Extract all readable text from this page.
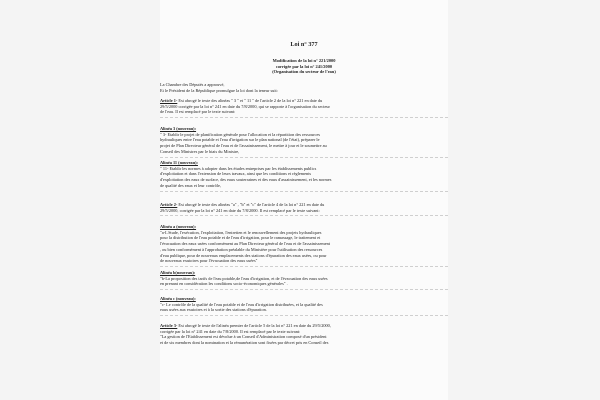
Loi n° 377
Modification de la loi n° 221/2000
corrigée par la loi n° 241/2000
(Organisation du secteur de l'eau)

La Chambre des Députés a approuvé,

Et le Président de la République promulgue la loi dont la teneur suit:

Article 1- Est abrogé le texte des alinéas " 3 " et " 11 " de l'article 2 de la loi n° 221 en date du
29/5/2000 corrigée par la loi n° 241 en date du 7/8/2000, qui se rapporte à l'organisation du secteur
de l'eau. Il est remplacé par le texte suivant:
Alinéa 3 (nouveau):
" 3- Etablir le projet de planification générale pour l'allocation et la répartition des ressources
hydrauliques entre l'eau potable et l'eau d'irrigation sur le plan national (de l'état), préparer le
projet de Plan Directeur général de l'eau et de l'assainissement, le mettre à jour et le soumettre au
Conseil des Ministres par le biais du Ministre,
Alinéa 11 (nouveau):
" 11- Etablir les normes à adopter dans les études entreprises par les établissements publics
d'exploitation et dans l'extension de leurs travaux, ainsi que les conditions et règlements
d'exploitation des eaux de surface, des eaux souterraines et des eaux d'assainissement, et les normes
de qualité des eaux et leur contrôle,
Article 2- Est abrogé le texte des alinéas "a" , "b" et "c" de l'article 4 de la loi n° 221 en date du
29/5/2000, corrigée par la loi n° 241 en date du 7/8/2000. Il est remplacé par le texte suivant:
Alinéa a (nouveau):
"a-L'étude, l'exécution, l'exploitation, l'entretien et le renouvellement des projets hydrauliques
pour la distribution de l'eau potable et de l'eau d'irrigation, pour le ramassage, le traitement et
l'évacuation des eaux usées conformément au Plan Directeur général de l'eau et de l'assainissement
, ou bien conformément à l'approbation préalable du Ministère pour l'utilisation des ressources
d'eau publique, pour de nouveaux emplacements des stations d'épuration des eaux usées, ou pour
de nouveaux exutoires pour l'évacuation des eaux usées"
Alinéa b(nouveau):
"b-La proposition des tarifs de l'eau potable,de l'eau d'irrigation, et de l'évacuation des eaux usées
en prenant en considération les conditions socio-économiques générales" .
Alinéa c (nouveau):
"c- Le contrôle de la qualité de l'eau potable et de l'eau d'irrigation distribuées, et la qualité des
eaux usées aux exutoires et à la sortie des stations d'épuration.
Article 3- Est abrogé le texte de l'alinéa premier de l'article 5 de la loi n° 221 en date du 29/5/2000,
corrigée par la loi n° 241 en date du 7/8/2000. Il est remplacé par le texte suivant:
"La gestion de l'Etablissement est dévolue à un Conseil d'Administration composé d'un président
et de six membres dont la nomination et la rémunération sont fixées par décret pris en Conseil des
